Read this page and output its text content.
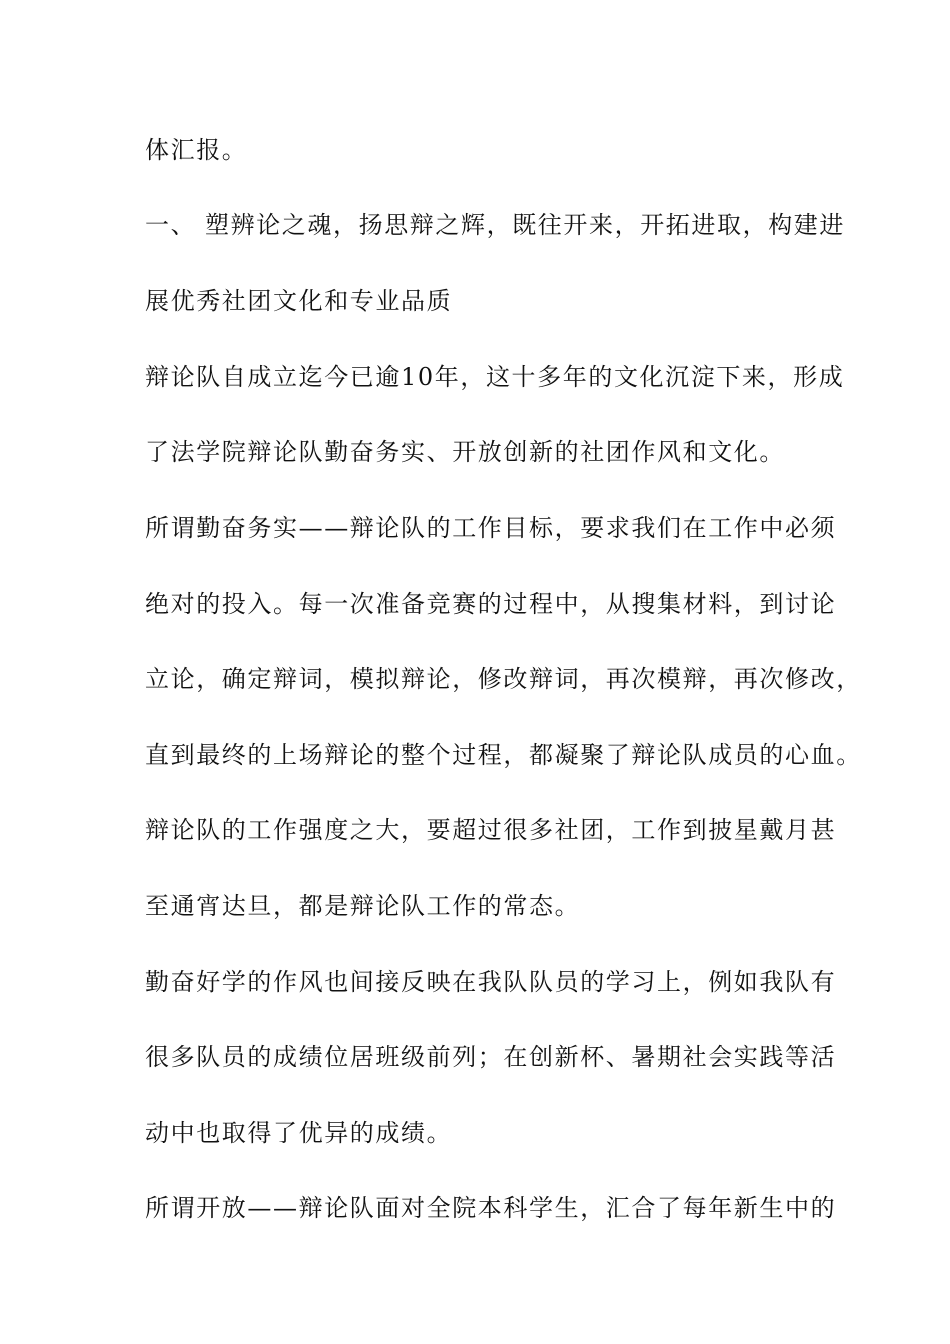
体汇报。
一、 塑辨论之魂，扬思辩之辉，既往开来，开拓进取，构建进
展优秀社团文化和专业品质
辩论队自成立迄今已逾10年，这十多年的文化沉淀下来，形成
了法学院辩论队勤奋务实、开放创新的社团作风和文化。
所谓勤奋务实——辩论队的工作目标，要求我们在工作中必须
绝对的投入。每一次准备竞赛的过程中，从搜集材料，到讨论
立论，确定辩词，模拟辩论，修改辩词，再次模辩，再次修改，
直到最终的上场辩论的整个过程，都凝聚了辩论队成员的心血。
辩论队的工作强度之大，要超过很多社团，工作到披星戴月甚
至通宵达旦，都是辩论队工作的常态。
勤奋好学的作风也间接反映在我队队员的学习上，例如我队有
很多队员的成绩位居班级前列；在创新杯、暑期社会实践等活
动中也取得了优异的成绩。
所谓开放——辩论队面对全院本科学生，汇合了每年新生中的
